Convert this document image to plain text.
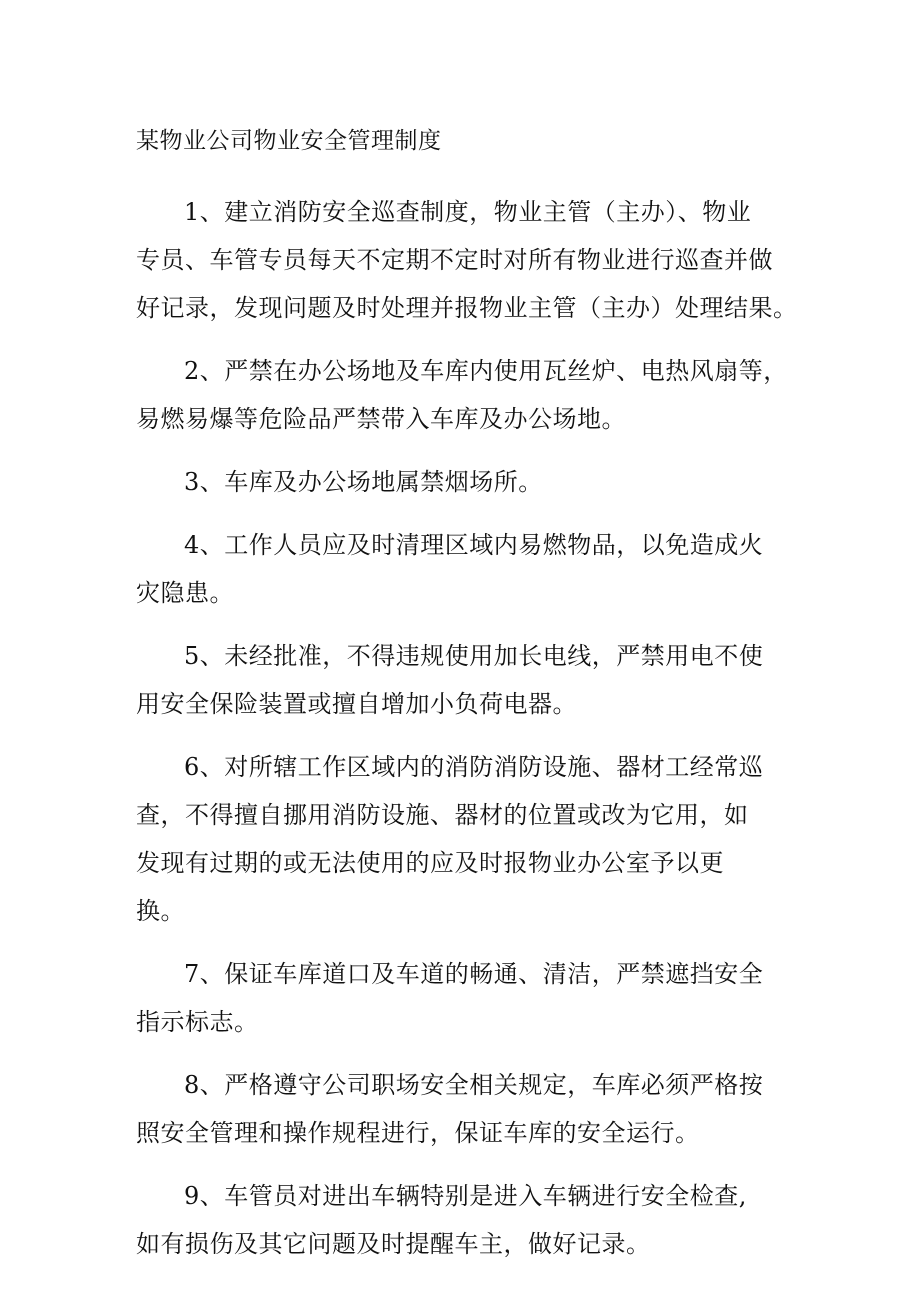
某物业公司物业安全管理制度
1、建立消防安全巡查制度，物业主管（主办）、物业
专员、车管专员每天不定期不定时对所有物业进行巡查并做
好记录，发现问题及时处理并报物业主管（主办）处理结果。
2、严禁在办公场地及车库内使用瓦丝炉、电热风扇等，
易燃易爆等危险品严禁带入车库及办公场地。
3、车库及办公场地属禁烟场所。
4、工作人员应及时清理区域内易燃物品，以免造成火
灾隐患。
5、未经批准，不得违规使用加长电线，严禁用电不使
用安全保险装置或擅自增加小负荷电器。
6、对所辖工作区域内的消防消防设施、器材工经常巡
查，不得擅自挪用消防设施、器材的位置或改为它用，如
发现有过期的或无法使用的应及时报物业办公室予以更
换。
7、保证车库道口及车道的畅通、清洁，严禁遮挡安全
指示标志。
8、严格遵守公司职场安全相关规定，车库必须严格按
照安全管理和操作规程进行，保证车库的安全运行。
9、车管员对进出车辆特别是进入车辆进行安全检查,
如有损伤及其它问题及时提醒车主，做好记录。
